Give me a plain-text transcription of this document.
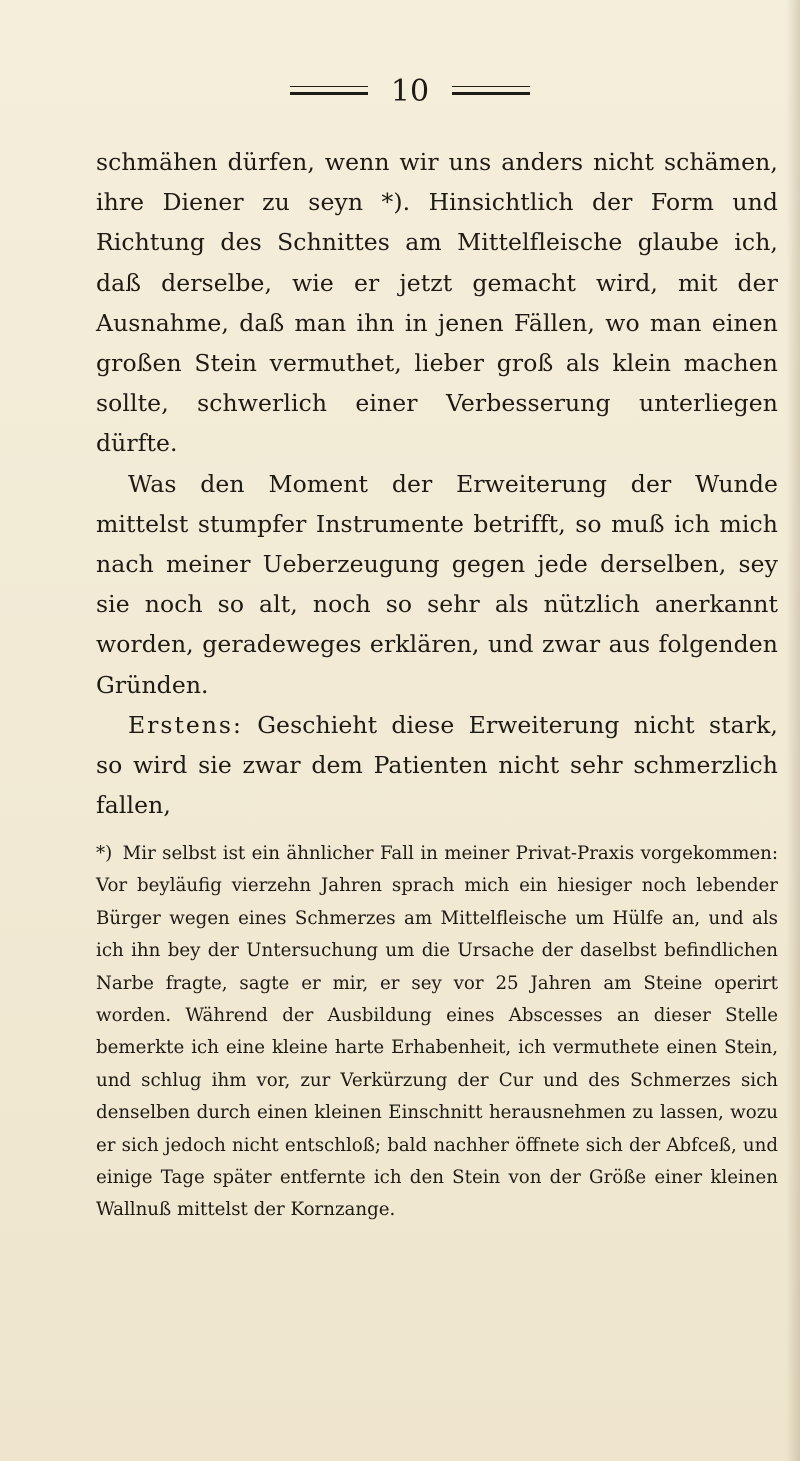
10

schmähen dürfen, wenn wir uns anders nicht schämen, ihre Diener zu seyn *). Hinsichtlich der Form und Richtung des Schnittes am Mittelfleische glaube ich, daß derselbe, wie er jetzt gemacht wird, mit der Ausnahme, daß man ihn in jenen Fällen, wo man einen großen Stein vermuthet, lieber groß als klein machen sollte, schwerlich einer Verbesserung unterliegen dürfte.

Was den Moment der Erweiterung der Wunde mittelst stumpfer Instrumente betrifft, so muß ich mich nach meiner Ueberzeugung gegen jede derselben, sey sie noch so alt, noch so sehr als nützlich anerkannt worden, geradeweges erklären, und zwar aus folgenden Gründen.

Erstens: Geschieht diese Erweiterung nicht stark, so wird sie zwar dem Patienten nicht sehr schmerzlich fallen,

*) Mir selbst ist ein ähnlicher Fall in meiner Privat-Praxis vorgekommen: Vor beyläufig vierzehn Jahren sprach mich ein hiesiger noch lebender Bürger wegen eines Schmerzes am Mittelfleische um Hülfe an, und als ich ihn bey der Untersuchung um die Ursache der daselbst befindlichen Narbe fragte, sagte er mir, er sey vor 25 Jahren am Steine operirt worden. Während der Ausbildung eines Abscesses an dieser Stelle bemerkte ich eine kleine harte Erhabenheit, ich vermuthete einen Stein, und schlug ihm vor, zur Verkürzung der Cur und des Schmerzes sich denselben durch einen kleinen Einschnitt herausnehmen zu lassen, wozu er sich jedoch nicht entschloß; bald nachher öffnete sich der Abfceß, und einige Tage später entfernte ich den Stein von der Größe einer kleinen Wallnuß mittelst der Kornzange.
